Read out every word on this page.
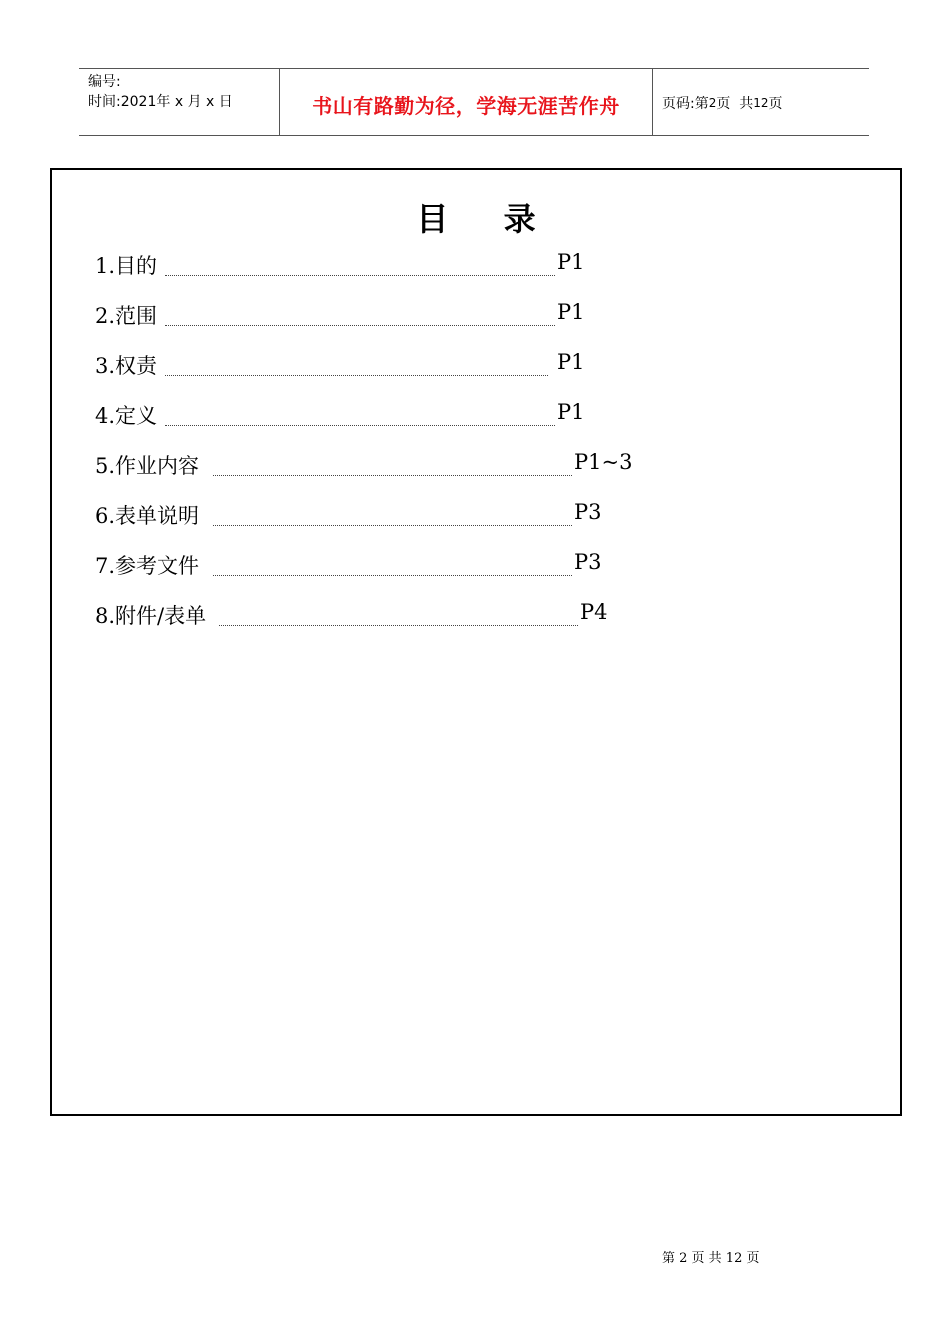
编号:
时间:2021年 x 月 x 日	书山有路勤为径，学海无涯苦作舟	页码: 第 2 页
共 12 页
目 录
1.目的	P1
2.范围	P1
3.权责	P1
4.定义	P1
5.作业内容	P1~3
6.表单说明	P3
7.参考文件	P3
8.附件/表单	P4
第 2 页 共 12 页
